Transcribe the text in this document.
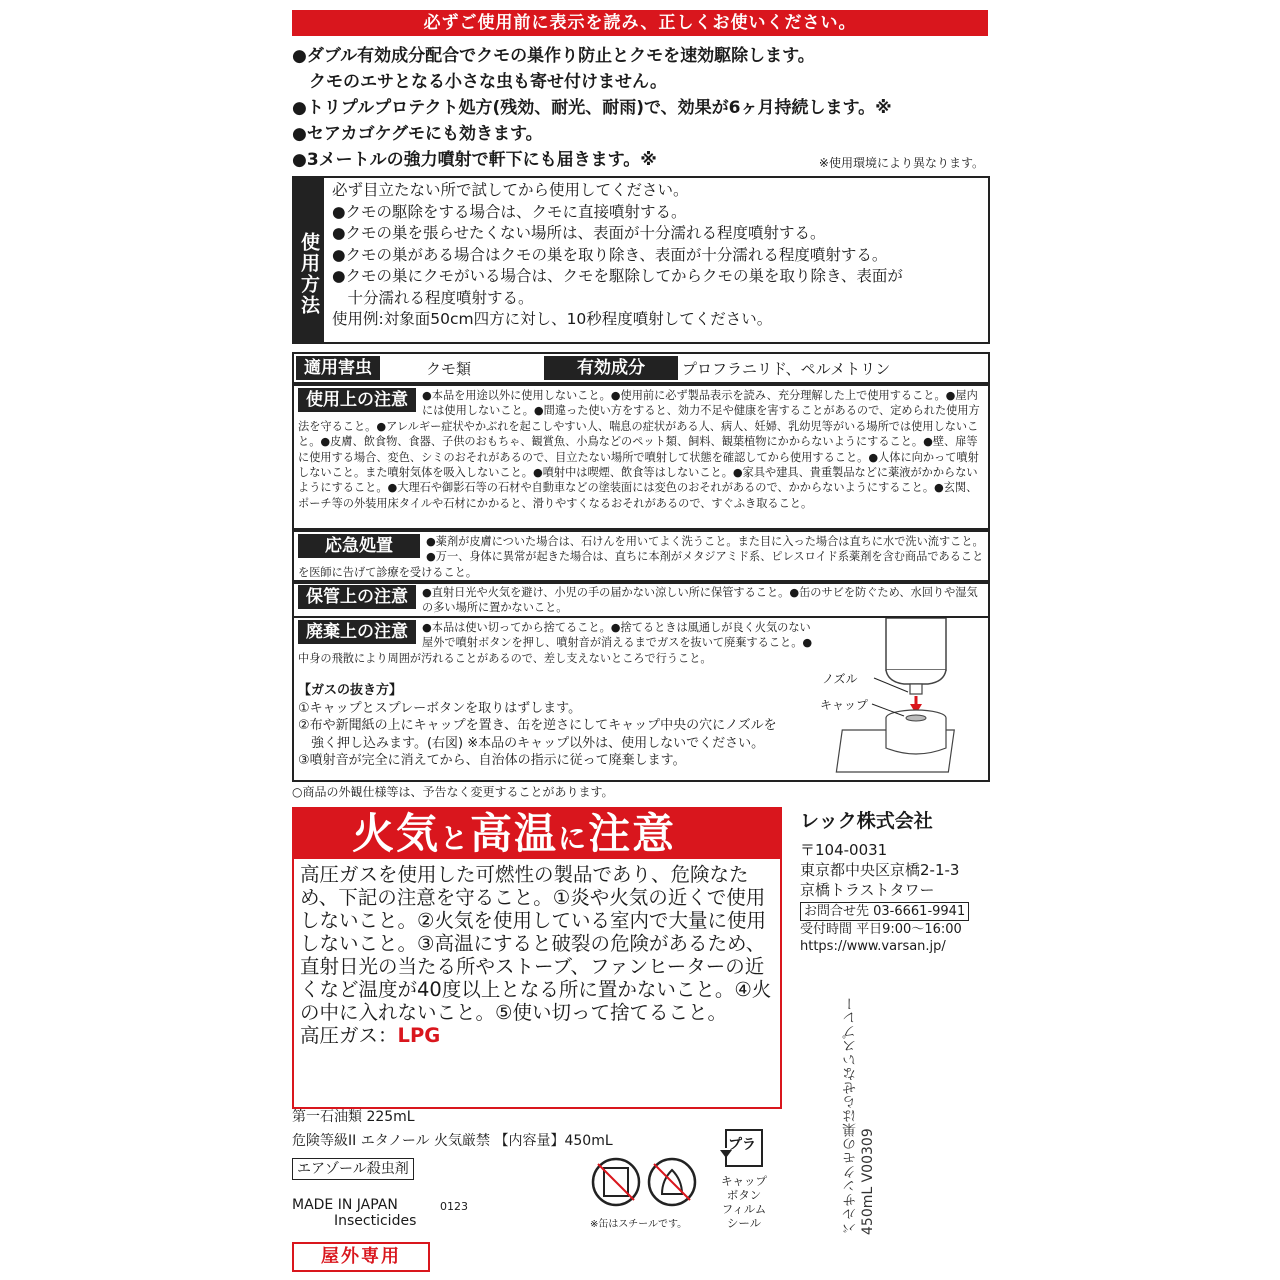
必ずご使用前に表示を読み、正しくお使いください。
●ダブル有効成分配合でクモの巣作り防止とクモを速効駆除します。
　クモのエサとなる小さな虫も寄せ付けません。
●トリプルプロテクト処方(残効、耐光、耐雨)で、効果が6ヶ月持続します。※
●セアカゴケグモにも効きます。
●3メートルの強力噴射で軒下にも届きます。※	※使用環境により異なります。
使用方法
必ず目立たない所で試してから使用してください。
●クモの駆除をする場合は、クモに直接噴射する。
●クモの巣を張らせたくない場所は、表面が十分濡れる程度噴射する。
●クモの巣がある場合はクモの巣を取り除き、表面が十分濡れる程度噴射する。
●クモの巣にクモがいる場合は、クモを駆除してからクモの巣を取り除き、表面が
　十分濡れる程度噴射する。
使用例:対象面50cm四方に対し、10秒程度噴射してください。
適用害虫	クモ類	有効成分	プロフラニリド、ペルメトリン
使用上の注意	●本品を用途以外に使用しないこと。●使用前に必ず製品表示を読み、充分理解した上で使用すること。●屋内には使用しないこと。●間違った使い方をすると、効力不足や健康を害することがあるので、定められた使用方法を守ること。●アレルギー症状やかぶれを起こしやすい人、喘息の症状がある人、病人、妊婦、乳幼児等がいる場所では使用しないこと。●皮膚、飲食物、食器、子供のおもちゃ、観賞魚、小鳥などのペット類、飼料、観葉植物にかからないようにすること。●壁、扉等に使用する場合、変色、シミのおそれがあるので、目立たない場所で噴射して状態を確認してから使用すること。●人体に向かって噴射しないこと。また噴射気体を吸入しないこと。●噴射中は喫煙、飲食等はしないこと。●家具や建具、貴重製品などに薬液がかからないようにすること。●大理石や御影石等の石材や自動車などの塗装面には変色のおそれがあるので、かからないようにすること。●玄関、ポーチ等の外装用床タイルや石材にかかると、滑りやすくなるおそれがあるので、すぐふき取ること。
応急処置	●薬剤が皮膚についた場合は、石けんを用いてよく洗うこと。また目に入った場合は直ちに水で洗い流すこと。●万一、身体に異常が起きた場合は、直ちに本剤がメタジアミド系、ピレスロイド系薬剤を含む商品であることを医師に告げて診療を受けること。
保管上の注意	●直射日光や火気を避け、小児の手の届かない涼しい所に保管すること。●缶のサビを防ぐため、水回りや湿気の多い場所に置かないこと。
廃棄上の注意	●本品は使い切ってから捨てること。●捨てるときは風通しが良く火気のない屋外で噴射ボタンを押し、噴射音が消えるまでガスを抜いて廃棄すること。●中身の飛散により周囲が汚れることがあるので、差し支えないところで行うこと。
【ガスの抜き方】
①キャップとスプレーボタンを取りはずします。
②布や新聞紙の上にキャップを置き、缶を逆さにしてキャップ中央の穴にノズルを
　強く押し込みます。(右図) ※本品のキャップ以外は、使用しないでください。
③噴射音が完全に消えてから、自治体の指示に従って廃棄します。
ノズル
キャップ
○商品の外観仕様等は、予告なく変更することがあります。
火気と高温に注意
高圧ガスを使用した可燃性の製品であり、危険なため、下記の注意を守ること。①炎や火気の近くで使用しないこと。②火気を使用している室内で大量に使用しないこと。③高温にすると破裂の危険があるため、直射日光の当たる所やストーブ、ファンヒーターの近くなど温度が40度以上となる所に置かないこと。④火の中に入れないこと。⑤使い切って捨てること。
高圧ガス：LPG
レック株式会社
〒104-0031
東京都中央区京橋2-1-3
京橋トラストタワー
お問合せ先 03-6661-9941
受付時間 平日9:00～16:00
https://www.varsan.jp/
バルサンクモの巣はらせないスプレー450mL V00309
第一石油類 225mL
危険等級II エタノール 火気厳禁 【内容量】450mL
エアゾール殺虫剤
MADE IN JAPAN	0123
Insecticides	※缶はスチールです。
プラ
キャップ
ボタン
フィルム
シール
屋外専用
